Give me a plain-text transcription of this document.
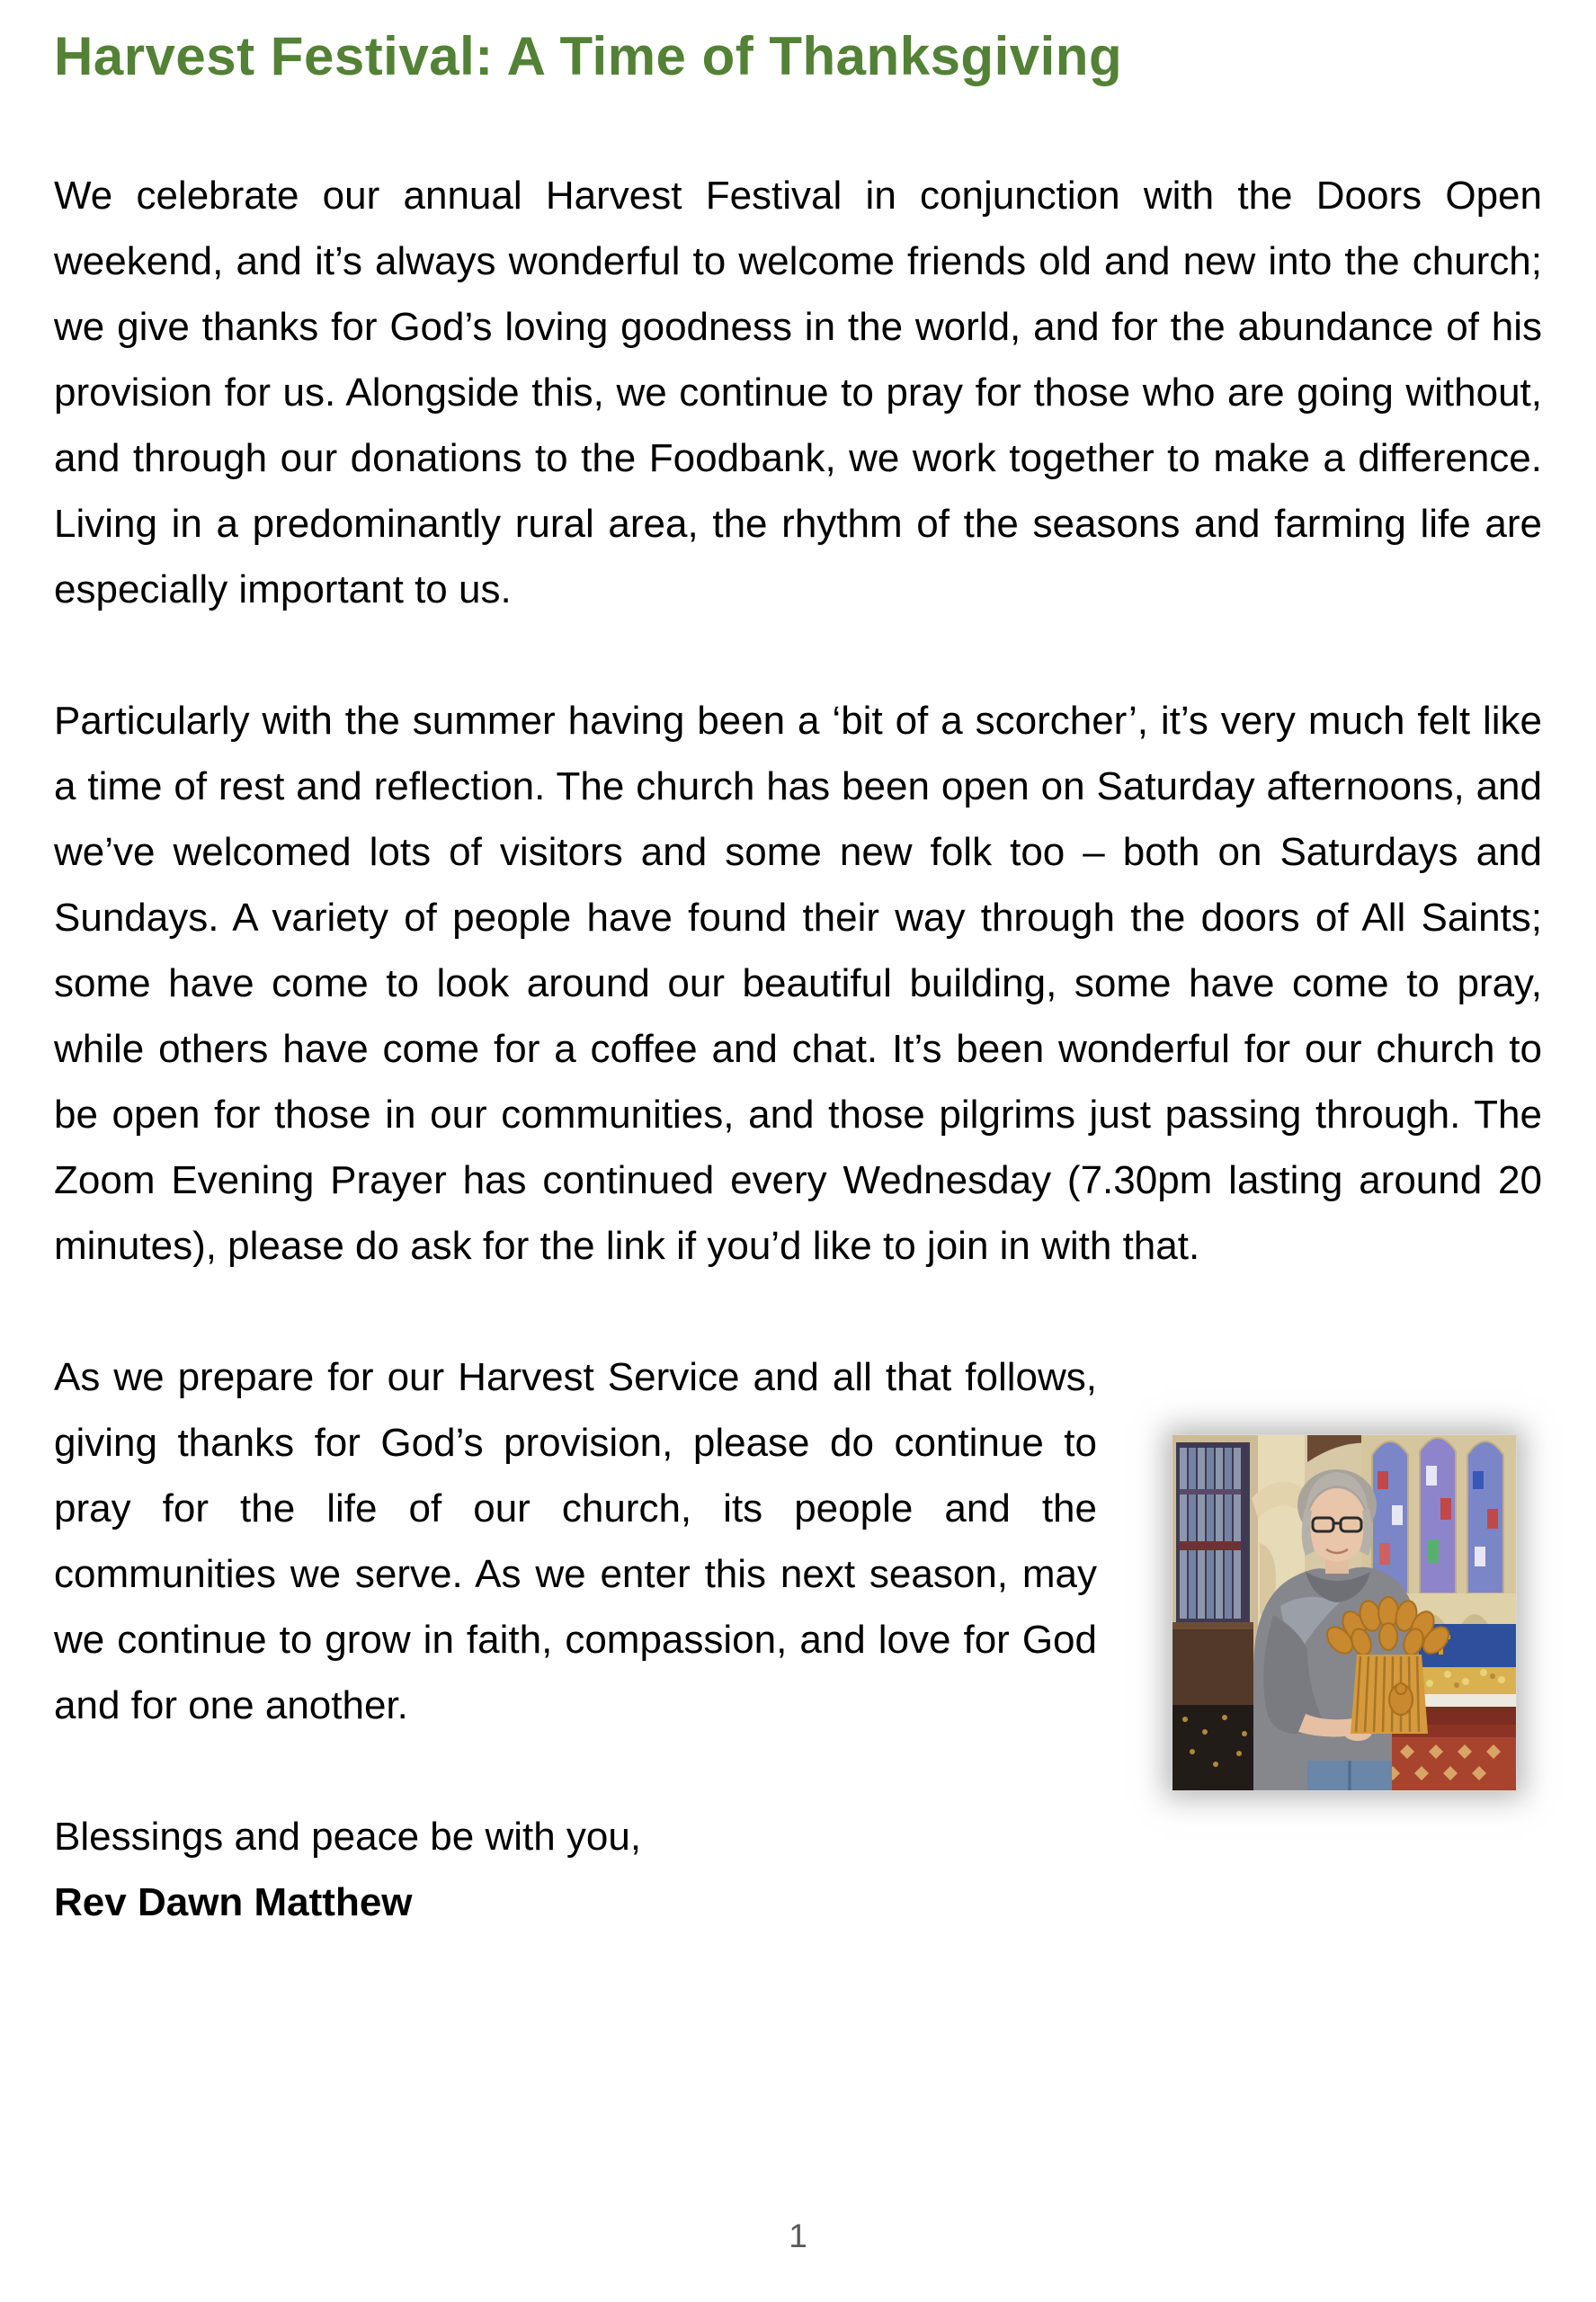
Harvest Festival: A Time of Thanksgiving

We celebrate our annual Harvest Festival in conjunction with the Doors Open weekend, and it’s always wonderful to welcome friends old and new into the church; we give thanks for God’s loving goodness in the world, and for the abundance of his provision for us. Alongside this, we continue to pray for those who are going without, and through our donations to the Foodbank, we work together to make a difference. Living in a predominantly rural area, the rhythm of the seasons and farming life are especially important to us.

Particularly with the summer having been a ‘bit of a scorcher’, it’s very much felt like a time of rest and reflection. The church has been open on Saturday afternoons, and we’ve welcomed lots of visitors and some new folk too – both on Saturdays and Sundays. A variety of people have found their way through the doors of All Saints; some have come to look around our beautiful building, some have come to pray, while others have come for a coffee and chat. It’s been wonderful for our church to be open for those in our communities, and those pilgrims just passing through. The Zoom Evening Prayer has continued every Wednesday (7.30pm lasting around 20 minutes), please do ask for the link if you’d like to join in with that.

As we prepare for our Harvest Service and all that follows, giving thanks for God’s provision, please do continue to pray for the life of our church, its people and the communities we serve. As we enter this next season, may we continue to grow in faith, compassion, and love for God and for one another.

Blessings and peace be with you,
Rev Dawn Matthew

1
